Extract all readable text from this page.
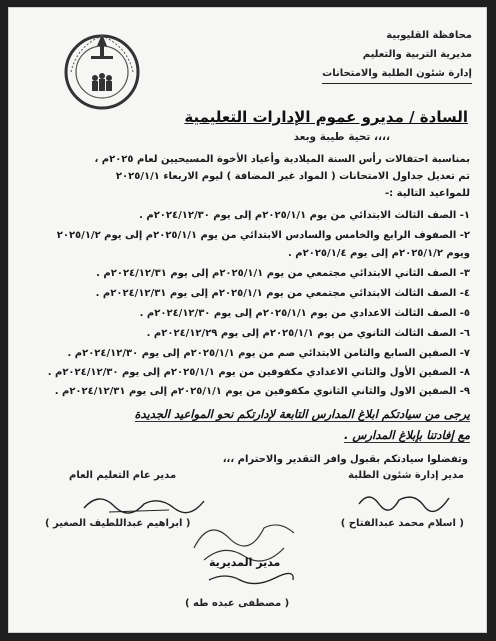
محافظة القليوبية
مديرية التربية والتعليم
إدارة شئون الطلبة والامتحانات
السادة / مديرو عموم الإدارات التعليمية
تحية طيبة وبعد ،،،،
بمناسبة احتفالات رأس السنة الميلادية وأعياد الأخوة المسيحيين لعام ٢٠٢٥م ،
تم تعديل جداول الامتحانات ( المواد غير المضافة ) ليوم الاربعاء ٢٠٢٥/١/١
للمواعيد التالية :-
١- الصف الثالث الابتدائي من يوم ٢٠٢٥/١/١م إلى يوم ٢٠٢٤/١٢/٣٠م .
٢- الصفوف الرابع والخامس والسادس الابتدائي من يوم ٢٠٢٥/١/١م إلى يوم ٢٠٢٥/١/٢
ويوم ٢٠٢٥/١/٢م إلى يوم ٢٠٢٥/١/٤م .
٣- الصف الثاني الابتدائي مجتمعي من يوم ٢٠٢٥/١/١م إلى يوم ٢٠٢٤/١٢/٣١م .
٤- الصف الثالث الابتدائي مجتمعي من يوم ٢٠٢٥/١/١م إلى يوم ٢٠٢٤/١٢/٣١م .
٥- الصف الثالث الاعدادي من يوم ٢٠٢٥/١/١م إلى يوم ٢٠٢٤/١٢/٣٠م .
٦- الصف الثالث الثانوي من يوم ٢٠٢٥/١/١م إلى يوم ٢٠٢٤/١٢/٢٩م .
٧- الصفين السابع والثامن الابتدائي صم من يوم ٢٠٢٥/١/١م إلى يوم ٢٠٢٤/١٢/٣٠م .
٨- الصفين الأول والثاني الاعدادي مكفوفين من يوم ٢٠٢٥/١/١م إلى يوم ٢٠٢٤/١٢/٣٠م .
٩- الصفين الاول والثاني الثانوي مكفوفين من يوم ٢٠٢٥/١/١م إلى يوم ٢٠٢٤/١٢/٣١م .
يرجى من سيادتكم ابلاغ المدارس التابعة لإدارتكم نحو المواعيد الجديدة
مع إفادتنا بإبلاغ المدارس .
وتفضلوا سيادتكم بقبول وافر التقدير والاحترام ،،،
مدير عام التعليم العام	مدير إدارة شئون الطلبة
( ابراهيم عبداللطيف الصغير )	( اسلام محمد عبدالفتاح )
مدير المديرية
( مصطفى عبده طه )
